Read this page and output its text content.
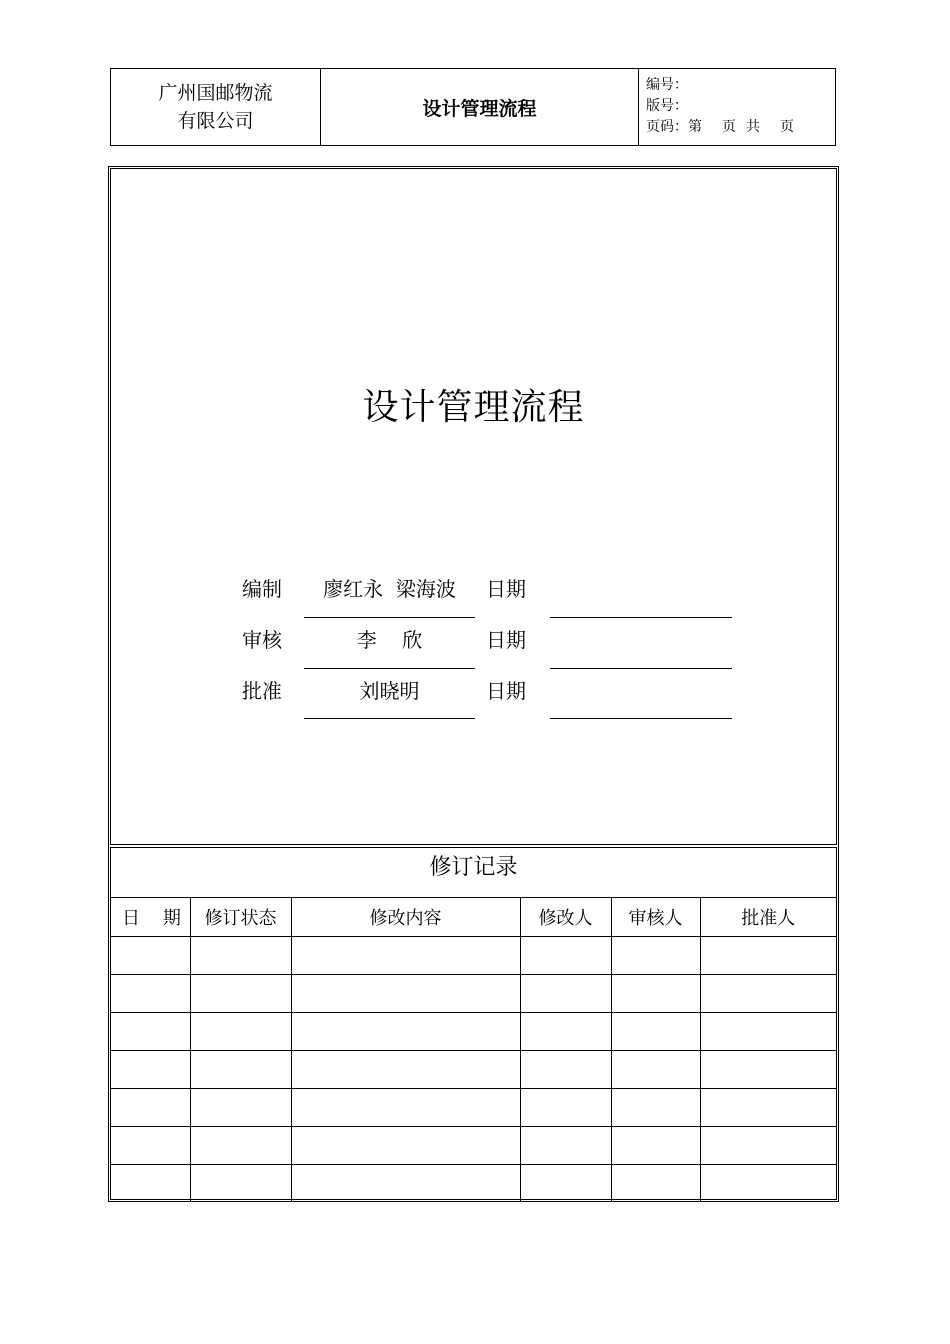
广州国邮物流
有限公司
设计管理流程
编号：
版号：
页码：第 页 共 页
设计管理流程
编制	廖红永  梁海波	日期
审核	李    欣	日期
批准	刘晓明	日期
修订记录
日    期	修订状态	修改内容	修改人	审核人	批准人
